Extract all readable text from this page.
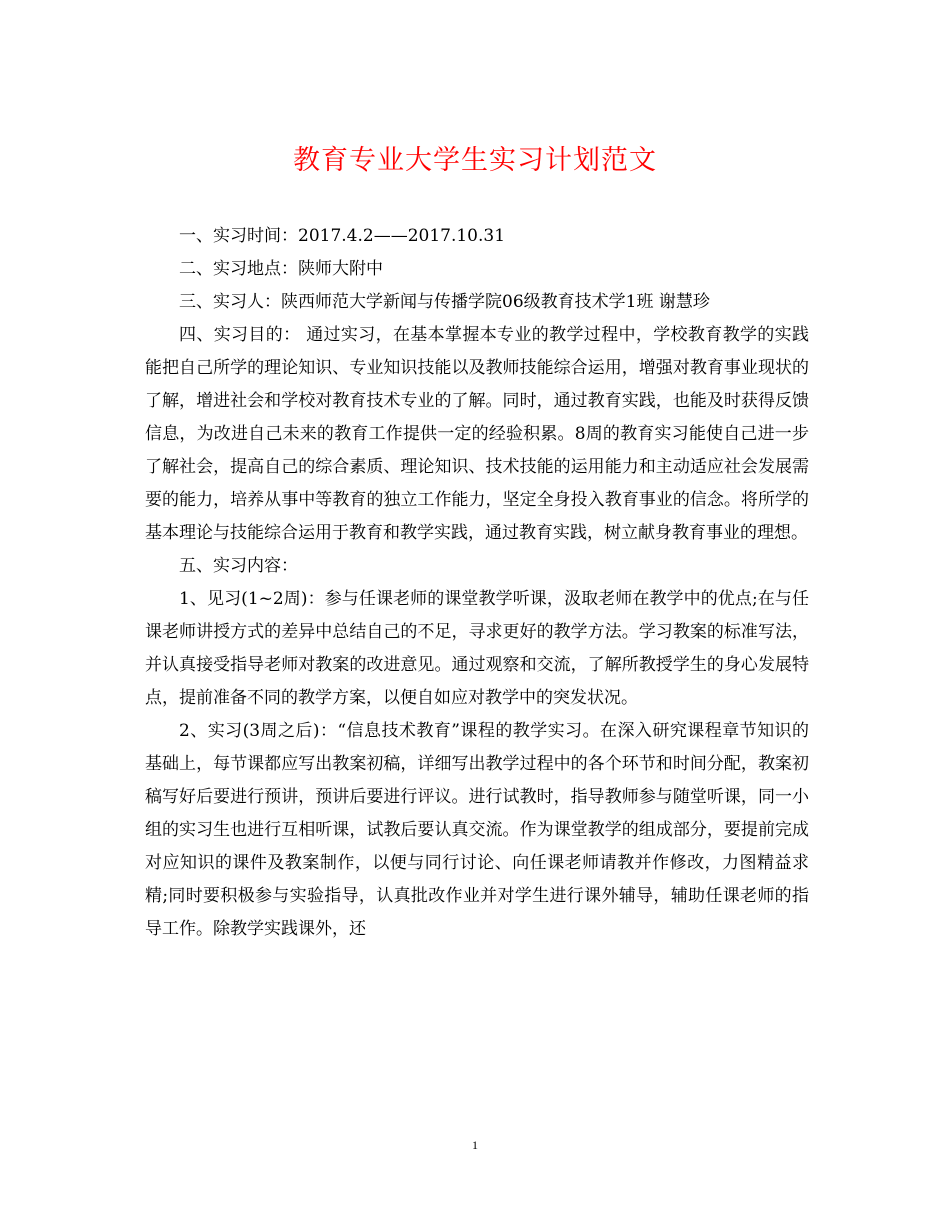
教育专业大学生实习计划范文

一、实习时间：2017.4.2——2017.10.31

二、实习地点：陕师大附中

三、实习人：陕西师范大学新闻与传播学院06级教育技术学1班 谢慧珍

四、实习目的： 通过实习，在基本掌握本专业的教学过程中，学校教育教学的实践能把自己所学的理论知识、专业知识技能以及教师技能综合运用，增强对教育事业现状的了解，增进社会和学校对教育技术专业的了解。同时，通过教育实践，也能及时获得反馈信息，为改进自己未来的教育工作提供一定的经验积累。8周的教育实习能使自己进一步了解社会，提高自己的综合素质、理论知识、技术技能的运用能力和主动适应社会发展需要的能力，培养从事中等教育的独立工作能力，坚定全身投入教育事业的信念。将所学的基本理论与技能综合运用于教育和教学实践，通过教育实践，树立献身教育事业的理想。

五、实习内容：

1、见习(1~2周)：参与任课老师的课堂教学听课，汲取老师在教学中的优点;在与任课老师讲授方式的差异中总结自己的不足，寻求更好的教学方法。学习教案的标准写法，并认真接受指导老师对教案的改进意见。通过观察和交流，了解所教授学生的身心发展特点，提前准备不同的教学方案，以便自如应对教学中的突发状况。

2、实习(3周之后)：“信息技术教育”课程的教学实习。在深入研究课程章节知识的基础上，每节课都应写出教案初稿，详细写出教学过程中的各个环节和时间分配，教案初稿写好后要进行预讲，预讲后要进行评议。进行试教时，指导教师参与随堂听课，同一小组的实习生也进行互相听课，试教后要认真交流。作为课堂教学的组成部分，要提前完成对应知识的课件及教案制作，以便与同行讨论、向任课老师请教并作修改，力图精益求精;同时要积极参与实验指导，认真批改作业并对学生进行课外辅导，辅助任课老师的指导工作。除教学实践课外，还

1
